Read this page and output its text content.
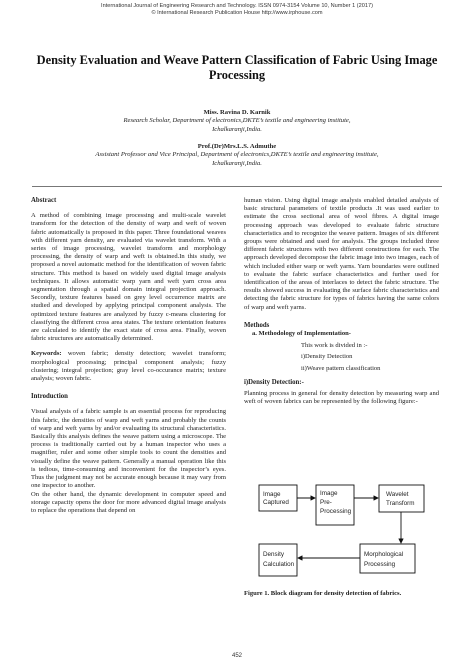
International Journal of Engineering Research and Technology. ISSN 0974-3154 Volume 10, Number 1 (2017)
© International Research Publication House http://www.irphouse.com
Density Evaluation and Weave Pattern Classification of Fabric Using Image Processing
Miss. Ravina D. Karnik
Research Scholar, Department of electronics,DKTE’s textile and engineering institute,
Ichalkaranji,India.
Prof.(Dr)Mrs.L.S. Admuthe
Assistant Professor and Vice Principal, Department of electronics,DKTE’s textile and engineering institute,
Ichalkaranji,India.
Abstract

A method of combining image processing and multi-scale wavelet transform for the detection of the density of warp and weft of woven fabric automatically is proposed in this paper. Three foundational weaves with different yarn density, are evaluated via wavelet transform. With a series of image processing, wavelet transform and morphology processing, the density of warp and weft is obtained.In this study, we proposed a novel automatic method for the identification of woven fabric structure. This method is based on widely used digital image analysis techniques. It allows automatic warp yarn and weft yarn cross area segmentation through a spatial domain integral projection approach. Secondly, texture features based on grey level occurrence matrix are studied and developed by applying principal component analysis. The optimized texture features are analyzed by fuzzy c-means clustering for classifying the different cross area states. The texture orientation features are calculated to identify the exact state of cross area. Finally, woven fabric structures are automatically determined.

Keywords: woven fabric; density detection; wavelet transform; morphological processing; principal component analysis; fuzzy clustering; integral projection; gray level co-occurance matrix; texture analysis; woven fabric.

Introduction

Visual analysis of a fabric sample is an essential process for reproducing this fabric, the densities of warp and weft yarns and probably the counts of warp and weft yarns by and/or evaluating its structural characteristics. Basically this analysis defines the weave pattern using a microscope. The process is traditionally carried out by a human inspector who uses a magnifier, ruler and some other simple tools to count the densities and visually define the weave pattern. Generally a manual operation like this is tedious, time-consuming and inconvenient for the inspector’s eyes. Thus the judgment may not be accurate enough because it may vary from one inspector to another.

On the other hand, the dynamic development in computer speed and storage capacity opens the door for more advanced digital image analysis to replace the operations that depend on

human vision. Using digital image analysis enabled detailed analysis of basic structural parameters of textile products .It was used earlier to estimate the cross sectional area of wool fibres. A digital image processing approach was developed to evaluate fabric structure characteristics and to recognize the weave pattern. Images of six different groups were obtained and used for analysis. The groups included three different fabric structures with two different constructions for each. The approach developed decompose the fabric image into two images, each of which included either warp or weft yarns. Yarn boundaries were outlined to evaluate the fabric surface characteristics and further used for identification of the areas of interlaces to detect the fabric structure. The results showed success in evaluating the surface fabric characteristics and detecting the fabric structure for types of fabrics having the same colors of warp and weft yarns.

Methods
a. Methodology of Implementation-
This work is divided in :-
i)Density Detection
ii)Weave pattern classification
i)Density Detection:-

Planning process in general for density detection by measuring warp and weft of woven fabrics can be represented by the following figure:-

Image
Captured
Image
Pre-
Processing
Wavelet
Transform
Morphological
Processing
Density
Calculation
Figure 1. Block diagram for density detection of fabrics.
452
